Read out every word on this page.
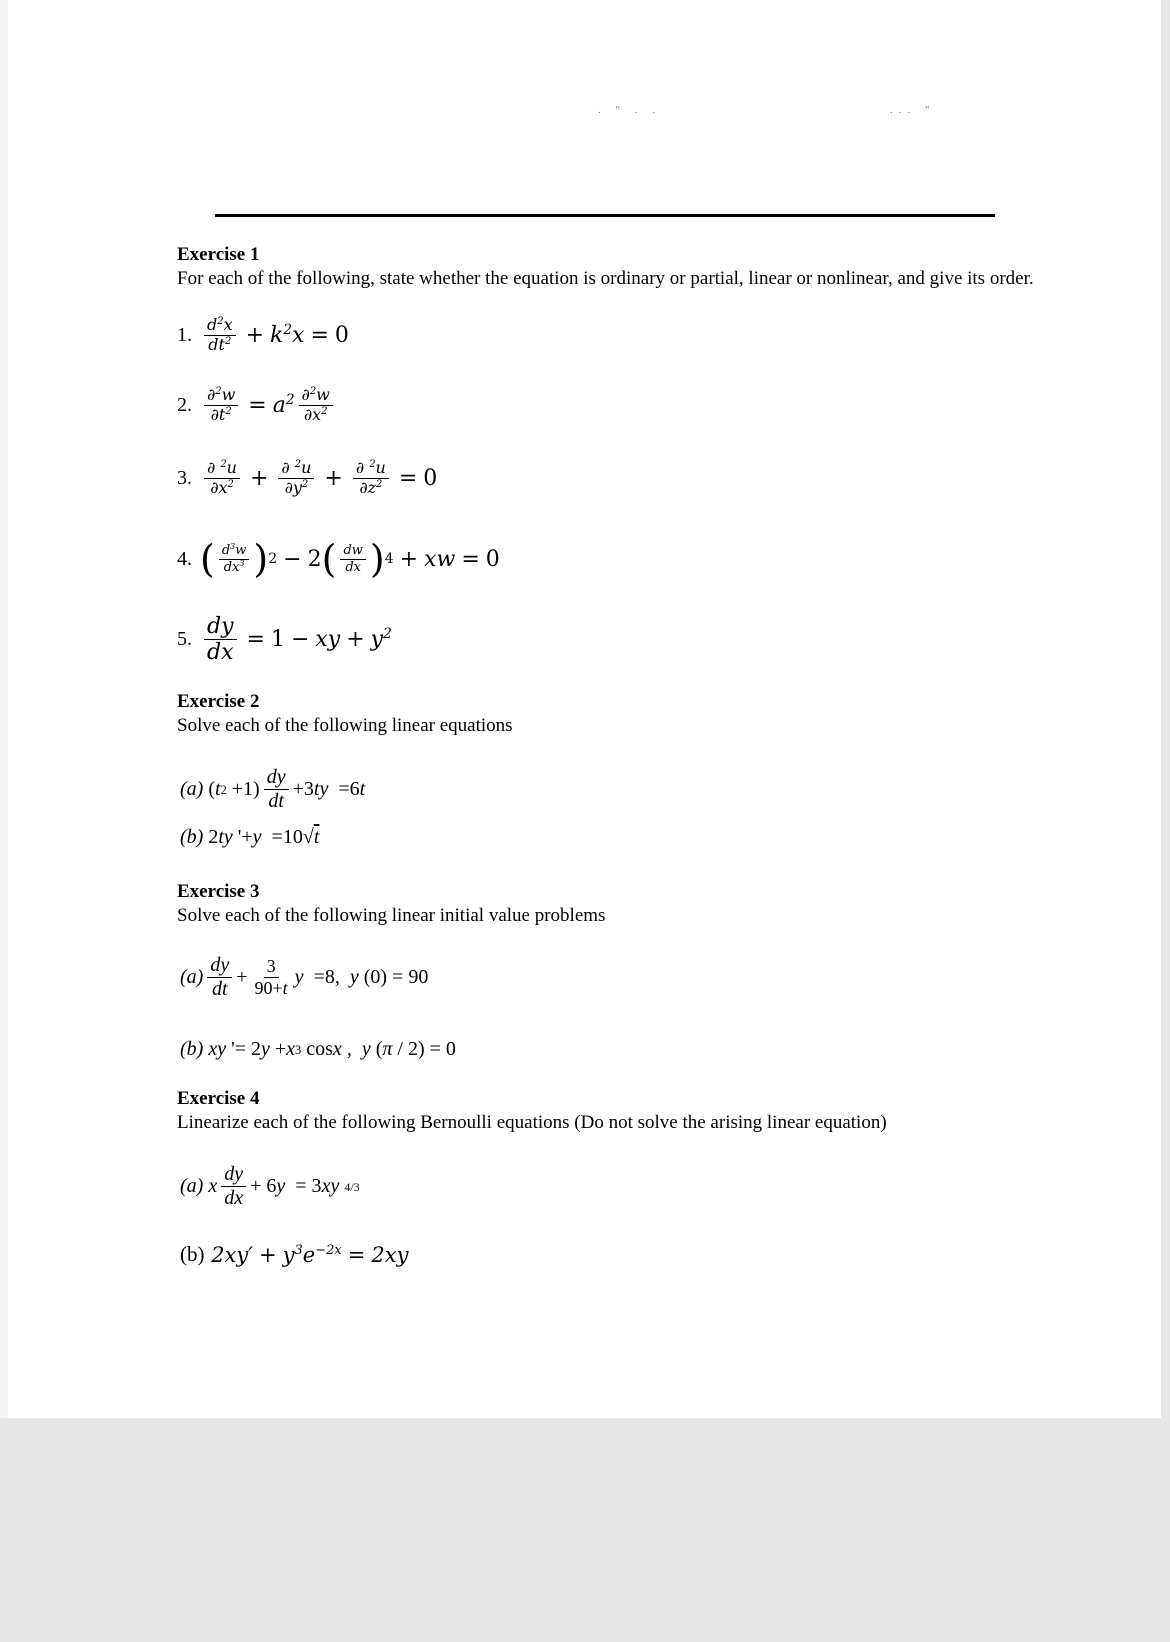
. " . .	... "
Exercise 1
For each of the following, state whether the equation is ordinary or partial, linear or nonlinear, and give its order.
1. $\frac{d^2x}{dt^2} + k^2x = 0$
2. $\frac{\partial^2w}{\partial t^2} = a^2 \frac{\partial^2w}{\partial x^2}$
3. $\frac{\partial ^2u}{\partial x^2} + \frac{\partial ^2u}{\partial y^2} + \frac{\partial ^2u}{\partial z^2} = 0$
4. ( $\frac{d^3w}{dx^3}$ ) 2 − 2 ( $\frac{dw}{dx}$ ) 4 + xw = 0
5. $\frac{dy}{dx} = 1$ − xy + $y^2$
Exercise 2
Solve each of the following linear equations
(a) ( t $2 +1) \frac{dy}{dt} +3$ ty =6 t
(b) 2 ty '+ y =10√ t
Exercise 3
Solve each of the following linear initial value problems
$(a) \frac{dy}{dt} + \frac{3}{90+t}$ y =8, y (0) = 90
(b)
xy '= 2 y + x 3 cos x , y ( π / 2) = 0
Exercise 4
Linearize each of the following Bernoulli equations (Do not solve the arising linear equation)
(a)
x $\frac{dy}{dx} + 6$ y = 3 xy
4/3
(b)
$2xy' + y^3e^{-2x} = 2xy$
